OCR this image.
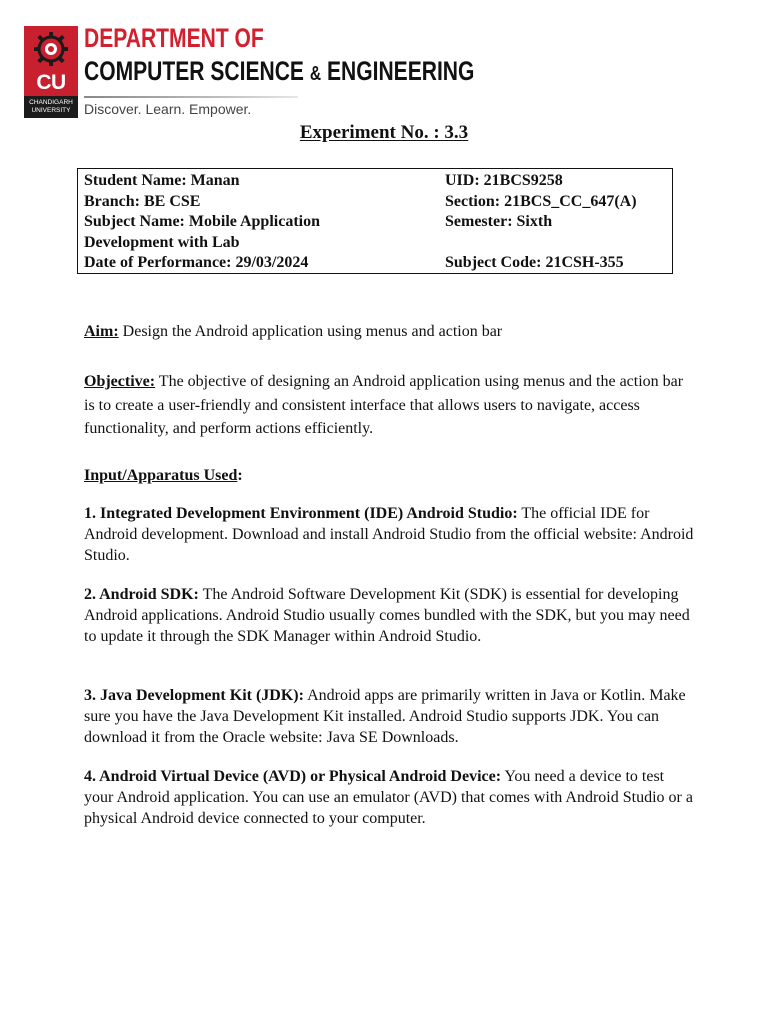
CU
CHANDIGARH UNIVERSITY
DEPARTMENT OF
COMPUTER SCIENCE & ENGINEERING
Discover. Learn. Empower.
Experiment No. : 3.3
Student Name: Manan
Branch: BE CSE
Subject Name: Mobile Application
Development with Lab
Date of Performance: 29/03/2024
UID: 21BCS9258
Section: 21BCS_CC_647(A)
Semester: Sixth
Subject Code: 21CSH-355

Aim: Design the Android application using menus and action bar

Objective: The objective of designing an Android application using menus and the action bar is to create a user-friendly and consistent interface that allows users to navigate, access functionality, and perform actions efficiently.

Input/Apparatus Used:

1. Integrated Development Environment (IDE) Android Studio: The official IDE for Android development. Download and install Android Studio from the official website: Android Studio.

2. Android SDK: The Android Software Development Kit (SDK) is essential for developing Android applications. Android Studio usually comes bundled with the SDK, but you may need to update it through the SDK Manager within Android Studio.

3. Java Development Kit (JDK): Android apps are primarily written in Java or Kotlin. Make sure you have the Java Development Kit installed. Android Studio supports JDK. You can download it from the Oracle website: Java SE Downloads.

4. Android Virtual Device (AVD) or Physical Android Device: You need a device to test your Android application. You can use an emulator (AVD) that comes with Android Studio or a physical Android device connected to your computer.
